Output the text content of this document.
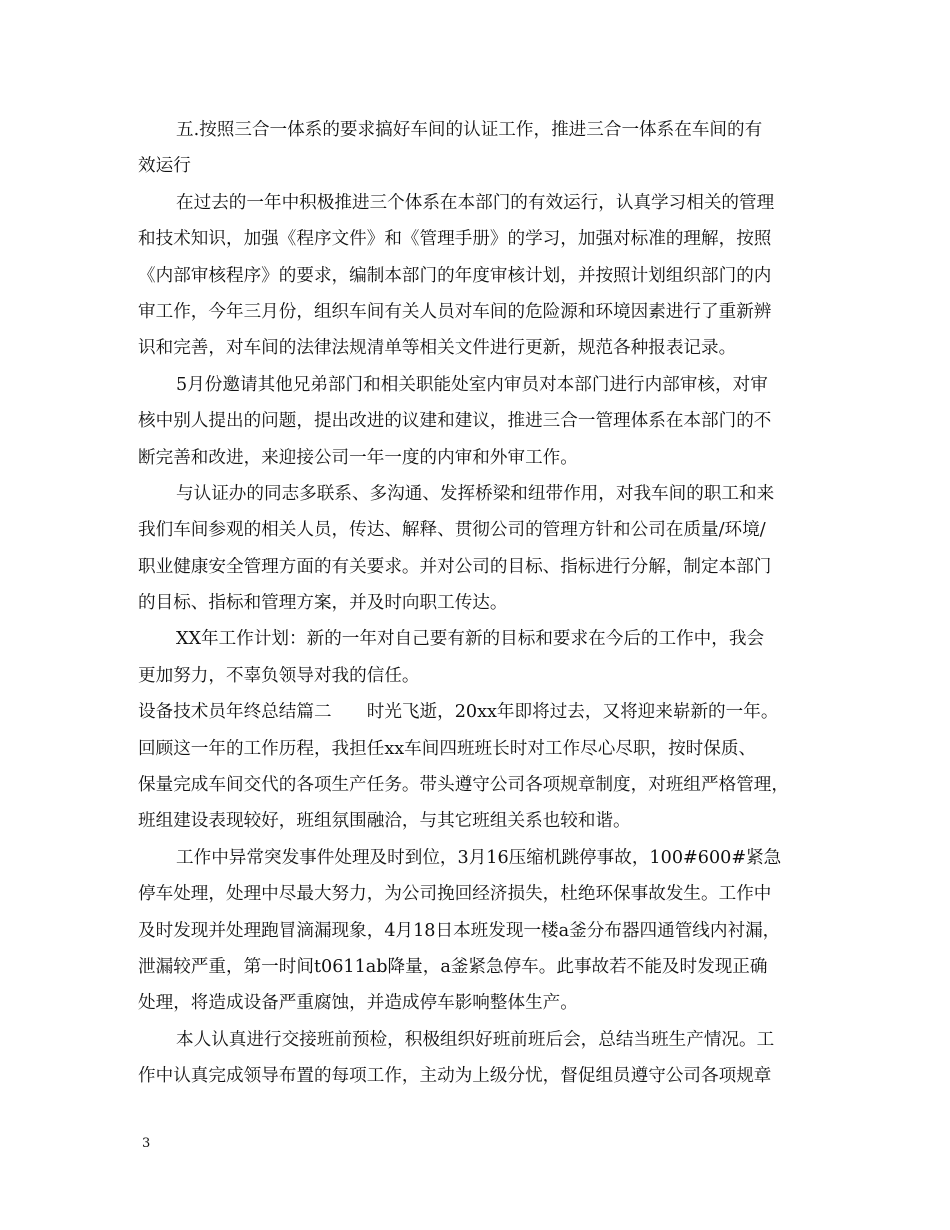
五.按照三合一体系的要求搞好车间的认证工作，推进三合一体系在车间的有
效运行
在过去的一年中积极推进三个体系在本部门的有效运行，认真学习相关的管理
和技术知识，加强《程序文件》和《管理手册》的学习，加强对标准的理解，按照
《内部审核程序》的要求，编制本部门的年度审核计划，并按照计划组织部门的内
审工作，今年三月份，组织车间有关人员对车间的危险源和环境因素进行了重新辨
识和完善，对车间的法律法规清单等相关文件进行更新，规范各种报表记录。
5月份邀请其他兄弟部门和相关职能处室内审员对本部门进行内部审核，对审
核中别人提出的问题，提出改进的议建和建议，推进三合一管理体系在本部门的不
断完善和改进，来迎接公司一年一度的内审和外审工作。
与认证办的同志多联系、多沟通、发挥桥梁和纽带作用，对我车间的职工和来
我们车间参观的相关人员，传达、解释、贯彻公司的管理方针和公司在质量/环境/
职业健康安全管理方面的有关要求。并对公司的目标、指标进行分解，制定本部门
的目标、指标和管理方案，并及时向职工传达。
XX年工作计划：新的一年对自己要有新的目标和要求在今后的工作中，我会
更加努力，不辜负领导对我的信任。
设备技术员年终总结篇二　　时光飞逝，20xx年即将过去，又将迎来崭新的一年。
回顾这一年的工作历程，我担任xx车间四班班长时对工作尽心尽职，按时保质、
保量完成车间交代的各项生产任务。带头遵守公司各项规章制度，对班组严格管理，
班组建设表现较好，班组氛围融洽，与其它班组关系也较和谐。
工作中异常突发事件处理及时到位，3月16压缩机跳停事故，100#600#紧急
停车处理，处理中尽最大努力，为公司挽回经济损失，杜绝环保事故发生。工作中
及时发现并处理跑冒滴漏现象，4月18日本班发现一楼a釜分布器四通管线内衬漏，
泄漏较严重，第一时间t0611ab降量，a釜紧急停车。此事故若不能及时发现正确
处理，将造成设备严重腐蚀，并造成停车影响整体生产。
本人认真进行交接班前预检，积极组织好班前班后会，总结当班生产情况。工
作中认真完成领导布置的每项工作，主动为上级分忧，督促组员遵守公司各项规章
3
